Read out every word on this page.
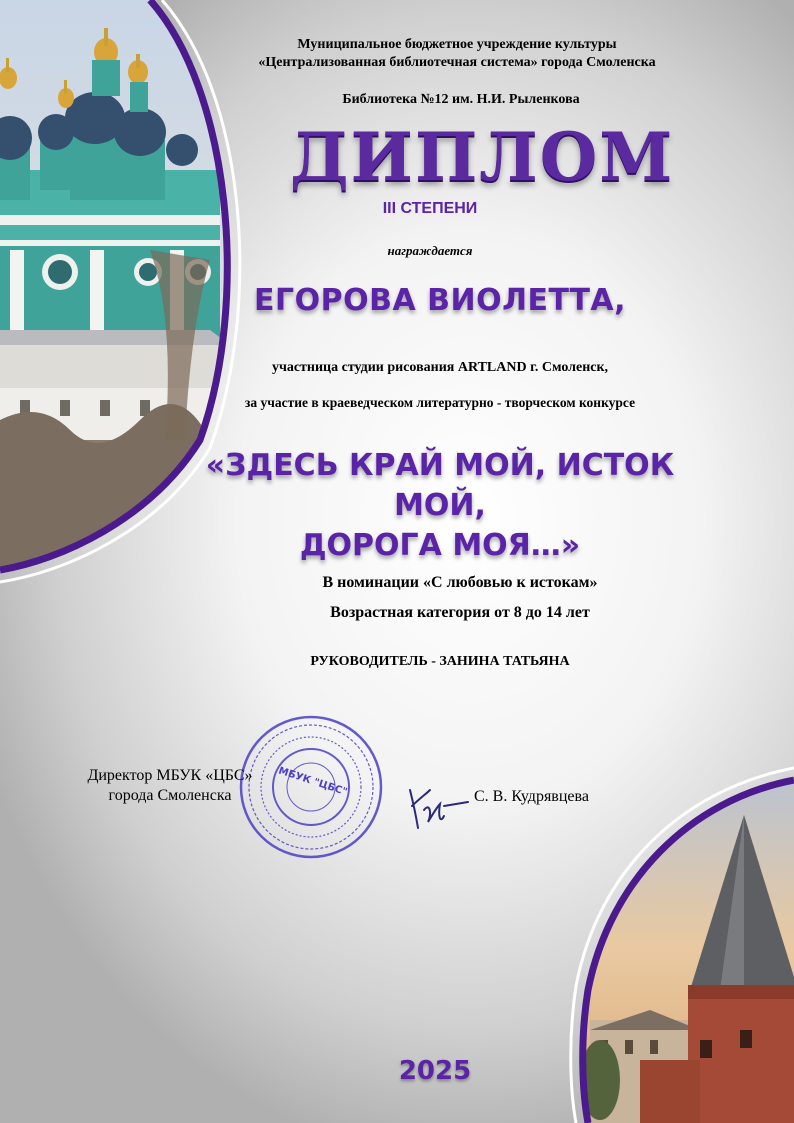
Муниципальное бюджетное учреждение культуры
«Централизованная библиотечная система» города Смоленска
Библиотека №12 им. Н.И. Рыленкова
ДИПЛОМ
III СТЕПЕНИ
награждается
ЕГОРОВА ВИОЛЕТТА,
участница студии рисования ARTLAND г. Смоленск,
за участие в краеведческом литературно - творческом конкурсе
«ЗДЕСЬ КРАЙ МОЙ, ИСТОК МОЙ,
ДОРОГА МОЯ…»
В номинации «С любовью к истокам»
Возрастная категория от 8 до 14 лет
РУКОВОДИТЕЛЬ - ЗАНИНА ТАТЬЯНА
МБУК "ЦБС"
Директор МБУК «ЦБС»
города Смоленска	С. В. Кудрявцева
2025
